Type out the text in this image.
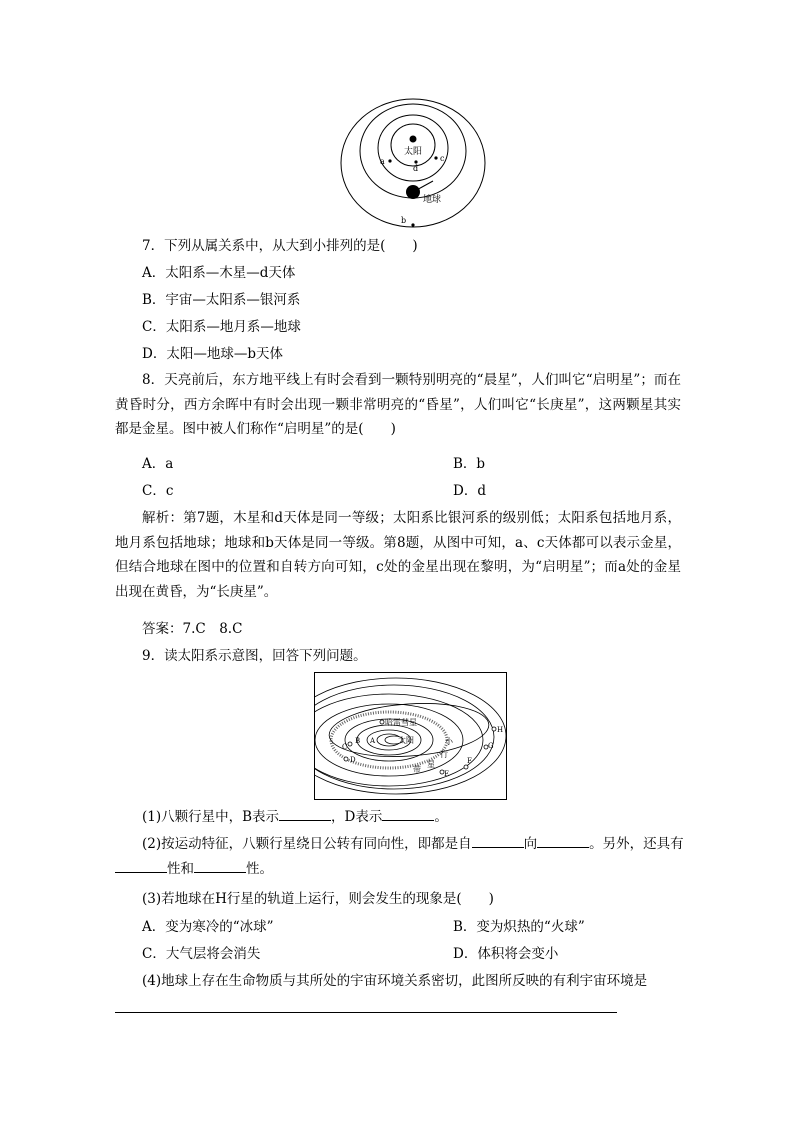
太阳
地球
a	c
d
b
7．下列从属关系中，从大到小排列的是(　　)
A．太阳系—木星—d天体
B．宇宙—太阳系—银河系
C．太阳系—地月系—地球
D．太阳—地球—b天体
8．天亮前后，东方地平线上有时会看到一颗特别明亮的“晨星”，人们叫它“启明星”；而在黄昏时分，西方余晖中有时会出现一颗非常明亮的“昏星”，人们叫它“长庚星”，这两颗星其实都是金星。图中被人们称作“启明星”的是(　　)
A．a	B．b
C．c	D．d
解析：第7题，木星和d天体是同一等级；太阳系比银河系的级别低；太阳系包括地月系，地月系包括地球；地球和b天体是同一等级。第8题，从图中可知，a、c天体都可以表示金星，但结合地球在图中的位置和自转方向可知，c处的金星出现在黎明，为“启明星”；而a处的金星出现在黄昏，为“长庚星”。
答案：7.C　8.C
9．读太阳系示意图，回答下列问题。
太阳
哈雷彗星
B A
C
D
E
F
G
H
小
行
星
带
(1)八颗行星中，B表示	，D表示	。
(2)按运动特征，八颗行星绕日公转有同向性，即都是自	向	。另外，还具有
性和	性。
(3)若地球在H行星的轨道上运行，则会发生的现象是(　　)
A．变为寒冷的“冰球”	B．变为炽热的“火球”
C．大气层将会消失	D．体积将会变小
(4)地球上存在生命物质与其所处的宇宙环境关系密切，此图所反映的有利宇宙环境是
